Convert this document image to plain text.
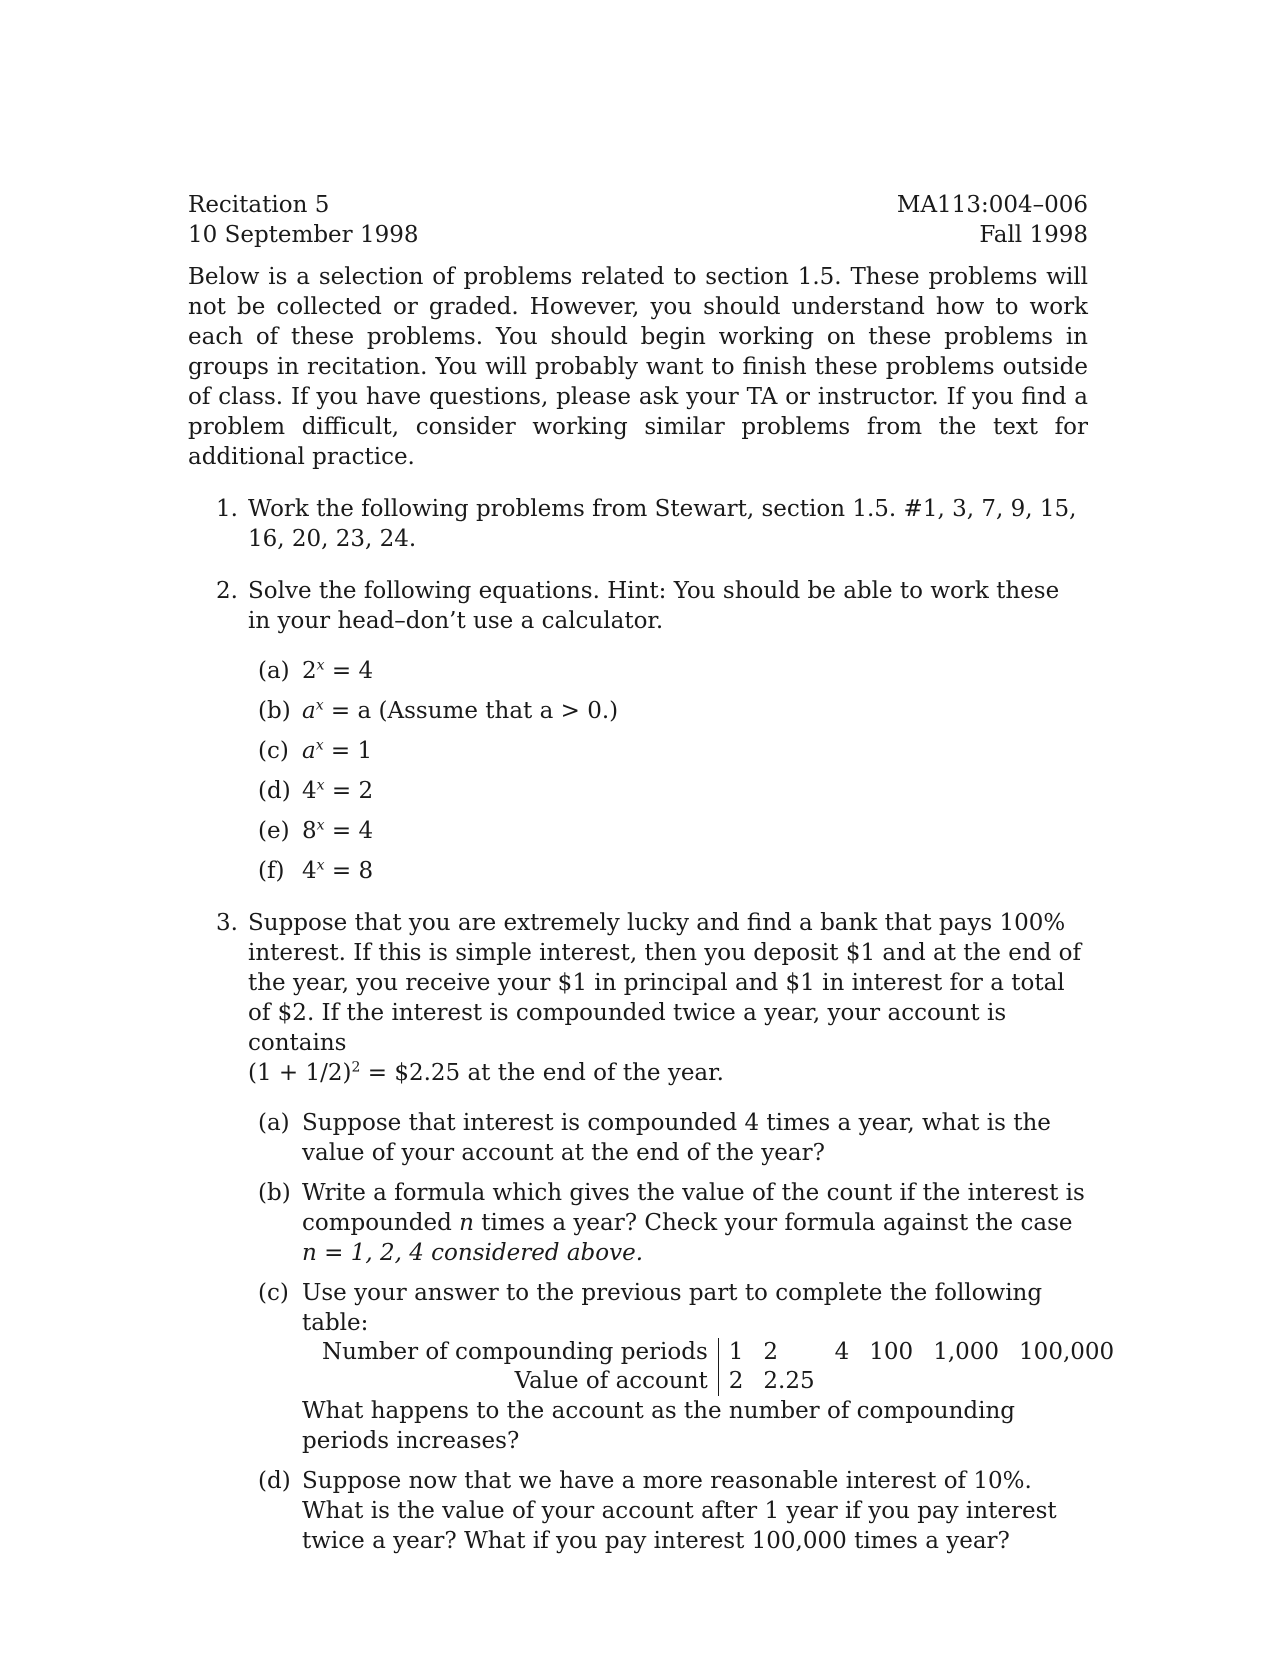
Recitation 5	MA113:004–006
10 September 1998	Fall 1998

Below is a selection of problems related to section 1.5. These problems will not be collected or graded. However, you should understand how to work each of these problems. You should begin working on these problems in groups in recitation. You will probably want to finish these problems outside of class. If you have questions, please ask your TA or instructor. If you find a problem difficult, consider working similar problems from the text for additional practice.

1. Work the following problems from Stewart, section 1.5. #1, 3, 7, 9, 15, 16, 20, 23, 24.
2. Solve the following equations. Hint: You should be able to work these in your head–don’t use a calculator.
(a) $2^x = 4$
(b) $a^x = a$ (Assume that a > 0.)
(c) $a^x = 1$
(d) $4^x = 2$
(e) $8^x = 4$
(f) $4^x = 8$
3. Suppose that you are extremely lucky and find a bank that pays 100% interest. If this is simple interest, then you deposit $1 and at the end of the year, you receive your $1 in principal and $1 in interest for a total of $2. If the interest is compounded twice a year, your account is contains
$(1 + 1/2)^2$ = $2.25 at the end of the year.
(a) Suppose that interest is compounded 4 times a year, what is the value of your account at the end of the year?
(b) Write a formula which gives the value of the count if the interest is compounded n times a year? Check your formula against the case
n = 1, 2, 4 considered above.
(c) Use your answer to the previous part to complete the following table:
Number of compounding periods	1	2	4	100	1,000	100,000
Value of account	2	2.25				
What happens to the account as the number of compounding periods increases?
(d) Suppose now that we have a more reasonable interest of 10%. What is the value of your account after 1 year if you pay interest twice a year? What if you pay interest 100,000 times a year?
